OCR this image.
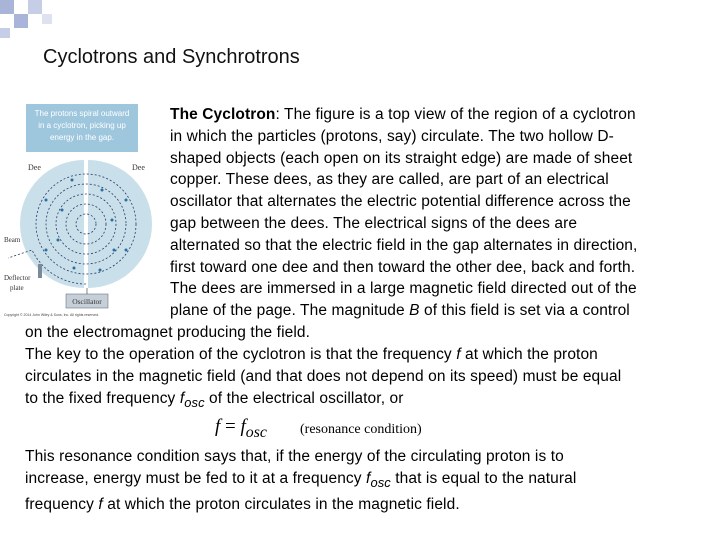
Cyclotrons and Synchrotrons
The protons spiral outward
in a cyclotron, picking up
energy in the gap.
Dee	Dee
Beam
Deflector
plate
Oscillator
Copyright © 2014 John Wiley & Sons, Inc. All rights reserved.
The Cyclotron: The figure is a top view of the region of a cyclotron
in which the particles (protons, say) circulate. The two hollow D-
shaped objects (each open on its straight edge) are made of sheet
copper. These dees, as they are called, are part of an electrical
oscillator that alternates the electric potential difference across the
gap between the dees. The electrical signs of the dees are
alternated so that the electric field in the gap alternates in direction,
first toward one dee and then toward the other dee, back and forth.
The dees are immersed in a large magnetic field directed out of the
plane of the page. The magnitude B of this field is set via a control
on the electromagnet producing the field.
The key to the operation of the cyclotron is that the frequency f at which the proton
circulates in the magnetic field (and that does not depend on its speed) must be equal
to the fixed frequency $f_{osc}$ of the electrical oscillator, or
$f = f_{osc}$ (resonance condition)
This resonance condition says that, if the energy of the circulating proton is to
increase, energy must be fed to it at a frequency $f_{osc}$ that is equal to the natural
frequency f at which the proton circulates in the magnetic field.
